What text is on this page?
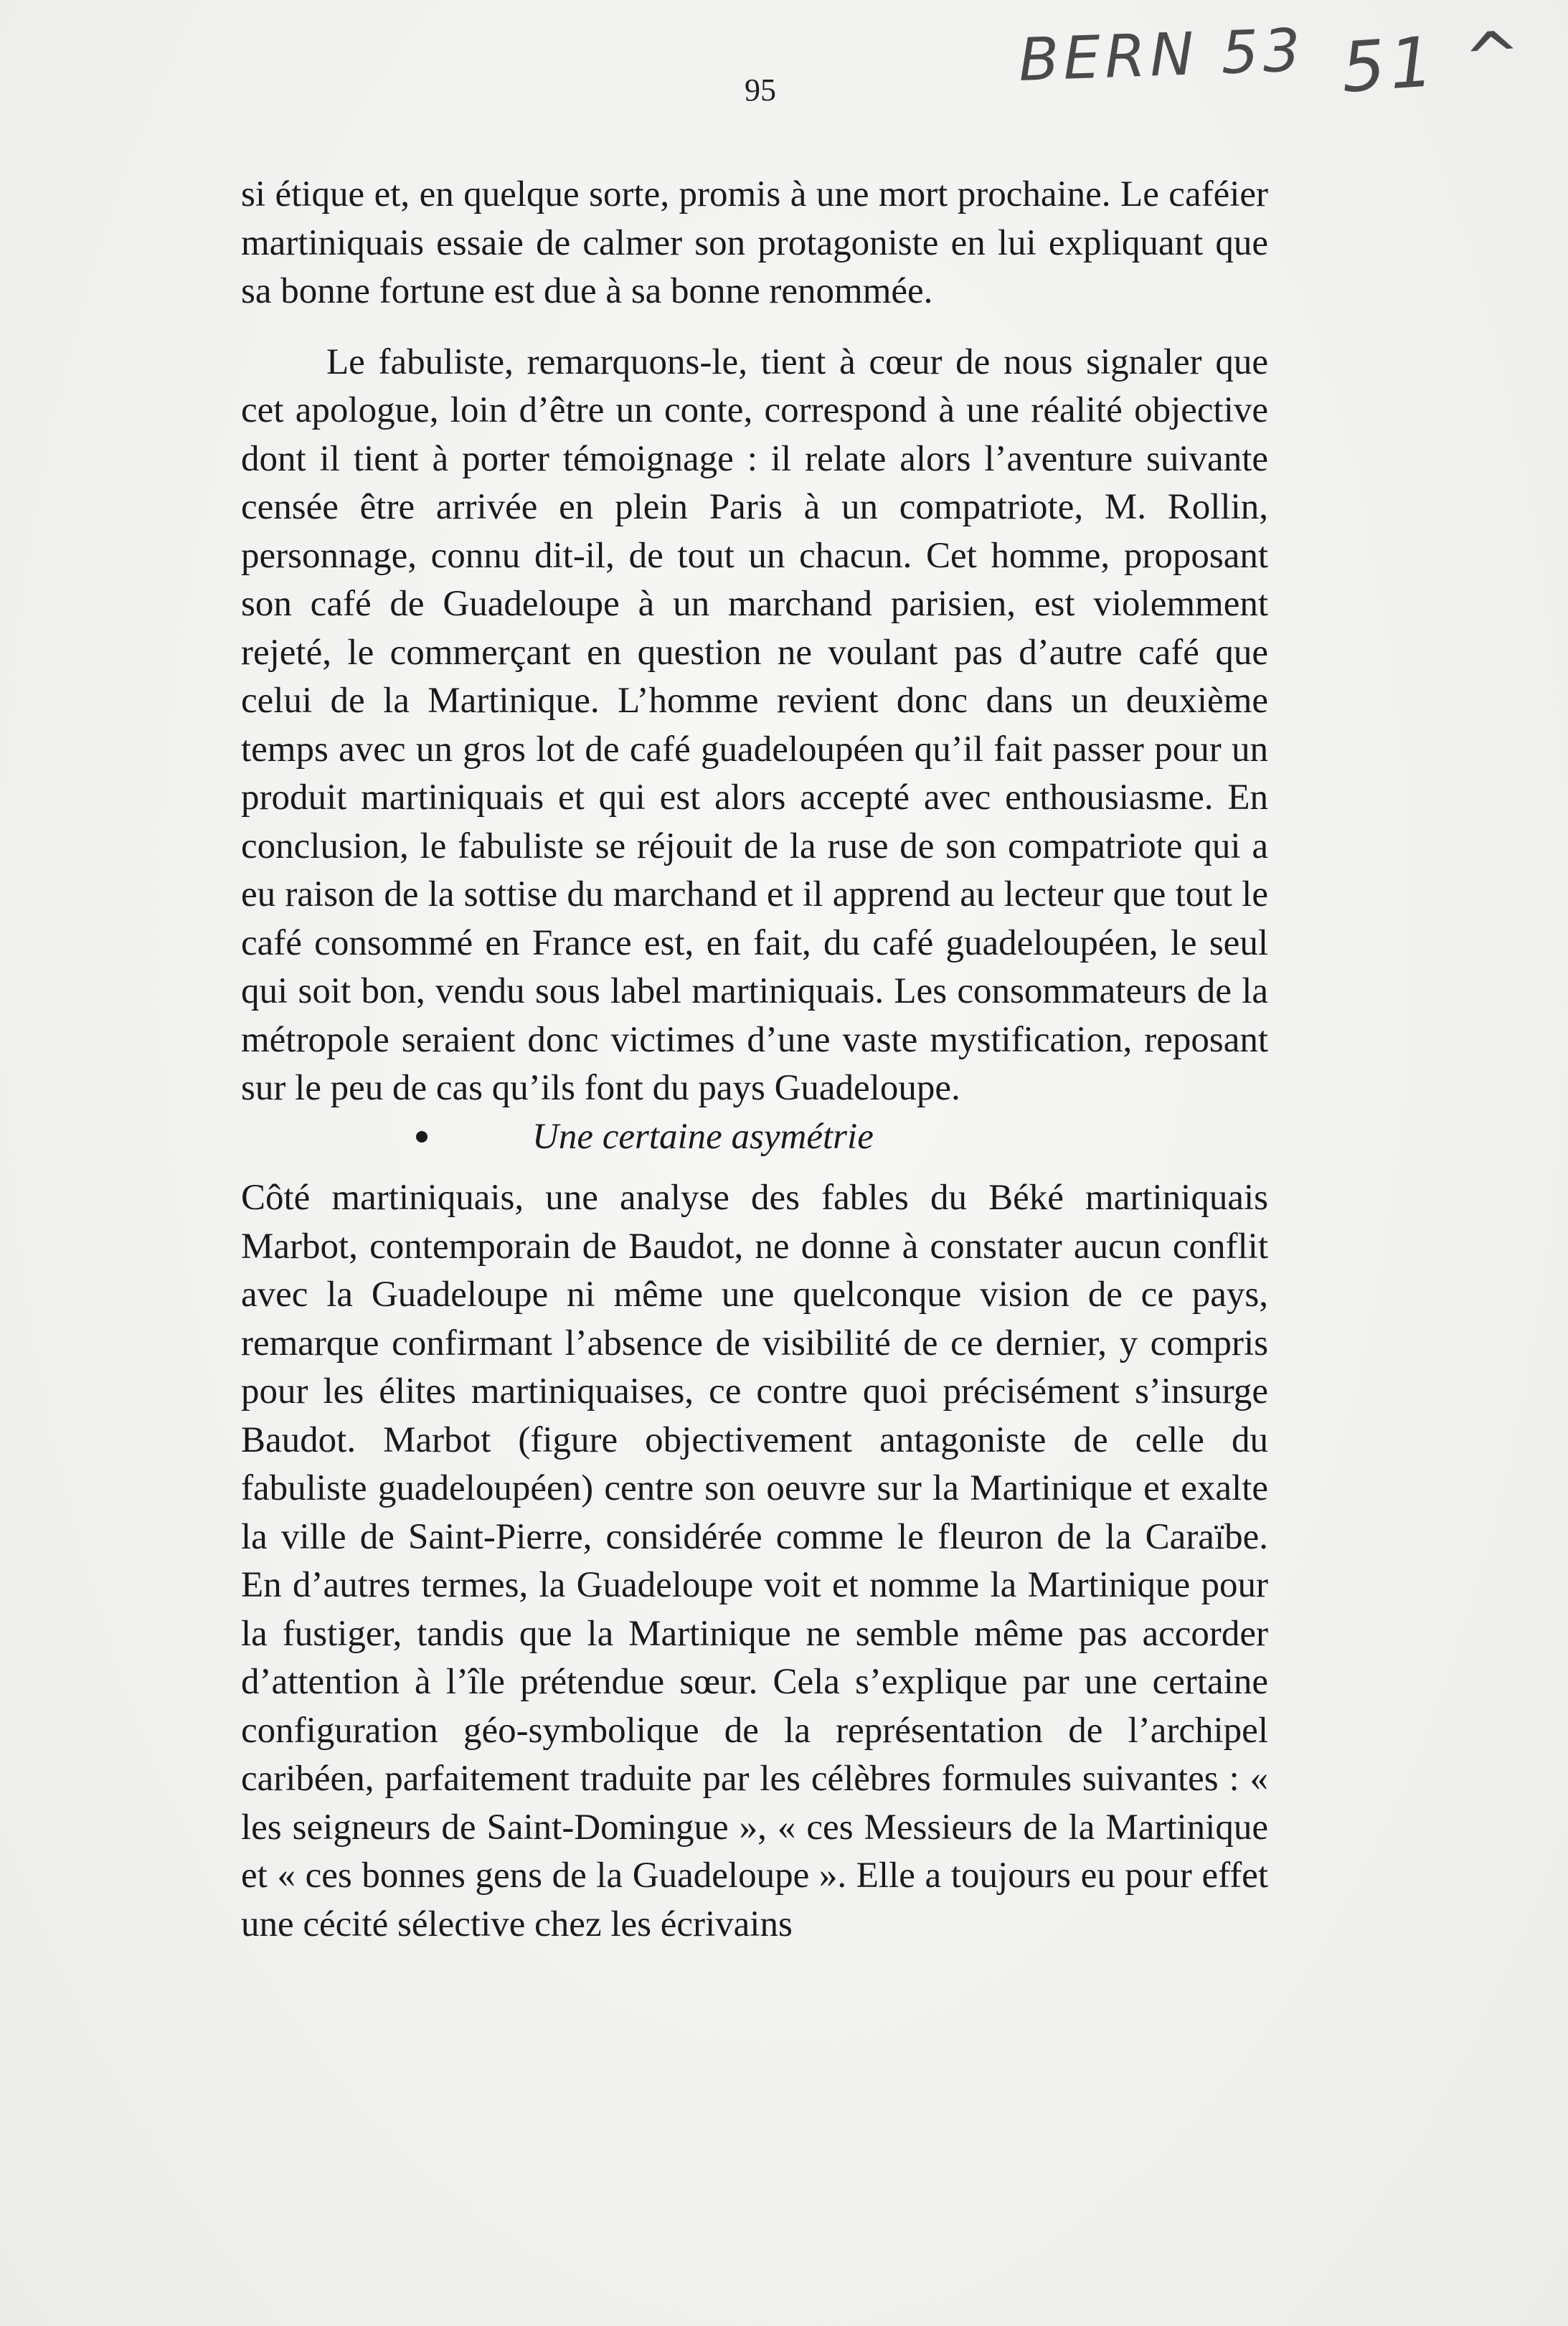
BERN 53 51 ^
95

si étique et, en quelque sorte, promis à une mort prochaine. Le caféier martiniquais essaie de calmer son protagoniste en lui expliquant que sa bonne fortune est due à sa bonne renommée.

Le fabuliste, remarquons-le, tient à cœur de nous signaler que cet apologue, loin d’être un conte, correspond à une réalité objective dont il tient à porter témoignage : il relate alors l’aventure suivante censée être arrivée en plein Paris à un compatriote, M. Rollin, personnage, connu dit-il, de tout un chacun. Cet homme, proposant son café de Guadeloupe à un marchand parisien, est violemment rejeté, le commerçant en question ne voulant pas d’autre café que celui de la Martinique. L’homme revient donc dans un deuxième temps avec un gros lot de café guadeloupéen qu’il fait passer pour un produit martiniquais et qui est alors accepté avec enthousiasme. En conclusion, le fabuliste se réjouit de la ruse de son compatriote qui a eu raison de la sottise du marchand et il apprend au lecteur que tout le café consommé en France est, en fait, du café guadeloupéen, le seul qui soit bon, vendu sous label martiniquais. Les consommateurs de la métropole seraient donc victimes d’une vaste mystification, reposant sur le peu de cas qu’ils font du pays Guadeloupe.

Une certaine asymétrie

Côté martiniquais, une analyse des fables du Béké martiniquais Marbot, contemporain de Baudot, ne donne à constater aucun conflit avec la Guadeloupe ni même une quelconque vision de ce pays, remarque confirmant l’absence de visibilité de ce dernier, y compris pour les élites martiniquaises, ce contre quoi précisément s’insurge Baudot. Marbot (figure objectivement antagoniste de celle du fabuliste guadeloupéen) centre son oeuvre sur la Martinique et exalte la ville de Saint-Pierre, considérée comme le fleuron de la Caraïbe. En d’autres termes, la Guadeloupe voit et nomme la Martinique pour la fustiger, tandis que la Martinique ne semble même pas accorder d’attention à l’île prétendue sœur. Cela s’explique par une certaine configuration géo-symbolique de la représentation de l’archipel caribéen, parfaitement traduite par les célèbres formules suivantes : « les seigneurs de Saint-Domingue », « ces Messieurs de la Martinique et « ces bonnes gens de la Guadeloupe ». Elle a toujours eu pour effet une cécité sélective chez les écrivains
